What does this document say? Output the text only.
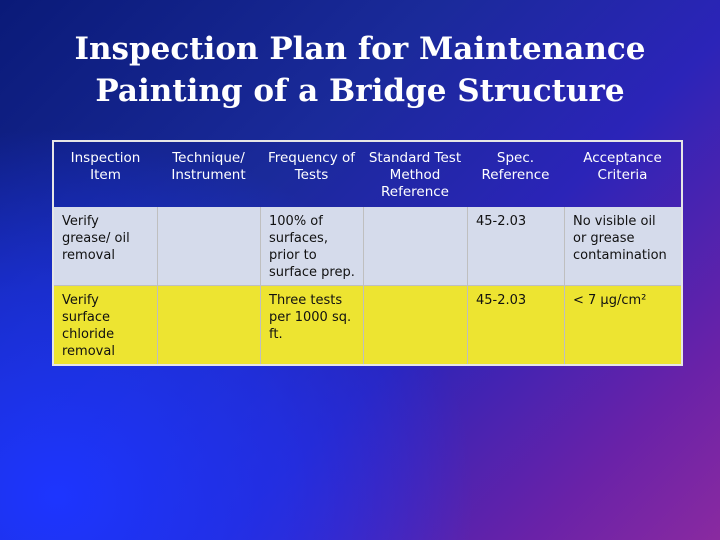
Inspection Plan for Maintenance
Painting of a Bridge Structure
Inspection Item	Technique/ Instrument	Frequency of Tests	Standard Test Method Reference	Spec. Reference	Acceptance Criteria
Verify grease/ oil removal		100% of surfaces, prior to surface prep.		45-2.03	No visible oil or grease contamination
Verify surface chloride removal		Three tests per 1000 sq. ft.		45-2.03	< 7 µg/cm²
